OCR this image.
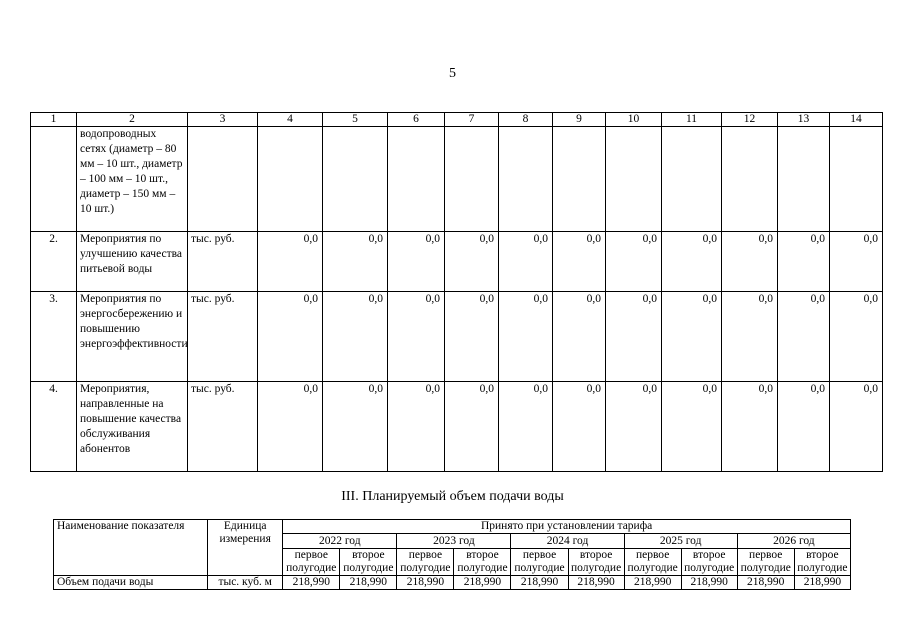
5
1	2	3	4	5	6	7	8	9	10	11	12	13	14
	водопроводных сетях (диаметр – 80 мм – 10 шт., диаметр – 100 мм – 10 шт., диаметр – 150 мм – 10 шт.)												
2.	Мероприятия по улучшению качества питьевой воды	тыс. руб.	0,0	0,0	0,0	0,0	0,0	0,0	0,0	0,0	0,0	0,0	0,0
3.	Мероприятия по энергосбережению и повышению энергоэффективности	тыс. руб.	0,0	0,0	0,0	0,0	0,0	0,0	0,0	0,0	0,0	0,0	0,0
4.	Мероприятия, направленные на повышение качества обслуживания абонентов	тыс. руб.	0,0	0,0	0,0	0,0	0,0	0,0	0,0	0,0	0,0	0,0	0,0
III. Планируемый объем подачи воды
Наименование показателя	Единица измерения	Принято при установлении тарифа									
		2022 год		2023 год		2024 год		2025 год		2026 год	
		первое полугодие	второе полугодие	первое полугодие	второе полугодие	первое полугодие	второе полугодие	первое полугодие	второе полугодие	первое полугодие	второе полугодие
Объем подачи воды	тыс. куб. м	218,990	218,990	218,990	218,990	218,990	218,990	218,990	218,990	218,990	218,990
